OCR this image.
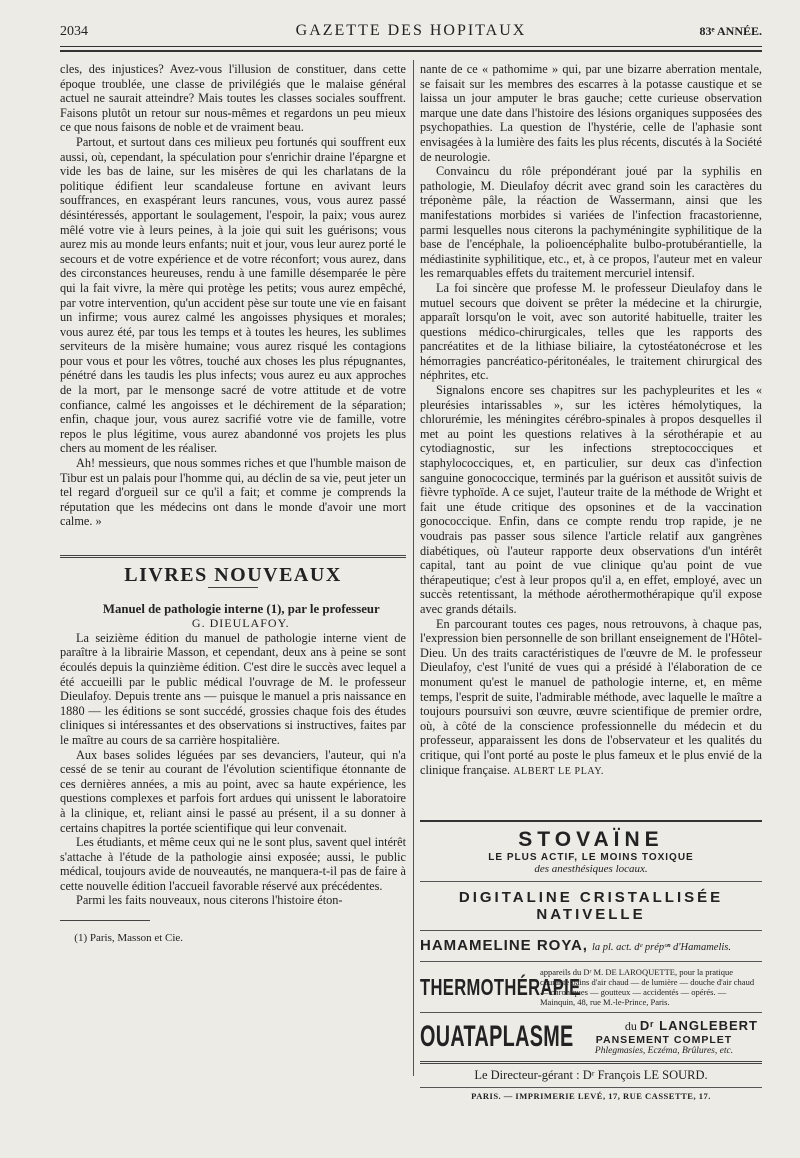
2034	GAZETTE DES HOPITAUX	83ᵉ ANNÉE.

cles, des injustices? Avez-vous l'illusion de constituer, dans cette époque troublée, une classe de privilégiés que le malaise général actuel ne saurait atteindre? Mais toutes les classes sociales souffrent. Faisons plutôt un retour sur nous-mêmes et regardons un peu mieux ce que nous faisons de noble et de vraiment beau.

Partout, et surtout dans ces milieux peu fortunés qui souffrent eux aussi, où, cependant, la spéculation pour s'enrichir draine l'épargne et vide les bas de laine, sur les misères de qui les charlatans de la politique édifient leur scandaleuse fortune en avivant leurs souffrances, en exaspérant leurs rancunes, vous, vous aurez passé désintéressés, apportant le soulagement, l'espoir, la paix; vous aurez mêlé votre vie à leurs peines, à la joie qui suit les guérisons; vous aurez mis au monde leurs enfants; nuit et jour, vous leur aurez porté le secours et de votre expérience et de votre réconfort; vous aurez, dans des circonstances heureuses, rendu à une famille désemparée le père qui la fait vivre, la mère qui protège les petits; vous aurez empêché, par votre intervention, qu'un accident pèse sur toute une vie en faisant un infirme; vous aurez calmé les angoisses physiques et morales; vous aurez été, par tous les temps et à toutes les heures, les sublimes serviteurs de la misère humaine; vous aurez risqué les contagions pour vous et pour les vôtres, touché aux choses les plus répugnantes, pénétré dans les taudis les plus infects; vous aurez eu aux approches de la mort, par le mensonge sacré de votre attitude et de votre confiance, calmé les angoisses et le déchirement de la séparation; enfin, chaque jour, vous aurez sacrifié votre vie de famille, votre repos le plus légitime, vous aurez abandonné vos projets les plus chers au moment de les réaliser.

Ah! messieurs, que nous sommes riches et que l'humble maison de Tibur est un palais pour l'homme qui, au déclin de sa vie, peut jeter un tel regard d'orgueil sur ce qu'il a fait; et comme je comprends la réputation que les médecins ont dans le monde d'avoir une mort calme. »

LIVRES NOUVEAUX

Manuel de pathologie interne (1), par le professeur

G. DIEULAFOY.

La seizième édition du manuel de pathologie interne vient de paraître à la librairie Masson, et cependant, deux ans à peine se sont écoulés depuis la quinzième édition. C'est dire le succès avec lequel a été accueilli par le public médical l'ouvrage de M. le professeur Dieulafoy. Depuis trente ans — puisque le manuel a pris naissance en 1880 — les éditions se sont succédé, grossies chaque fois des études cliniques si intéressantes et des observations si instructives, faites par le maître au cours de sa carrière hospitalière.

Aux bases solides léguées par ses devanciers, l'auteur, qui n'a cessé de se tenir au courant de l'évolution scientifique étonnante de ces dernières années, a mis au point, avec sa haute expérience, les questions complexes et parfois fort ardues qui unissent le laboratoire à la clinique, et, reliant ainsi le passé au présent, il a su donner à certains chapitres la portée scientifique qui leur convenait.

Les étudiants, et même ceux qui ne le sont plus, savent quel intérêt s'attache à l'étude de la pathologie ainsi exposée; aussi, le public médical, toujours avide de nouveautés, ne manquera-t-il pas de faire à cette nouvelle édition l'accueil favorable réservé aux précédentes.

Parmi les faits nouveaux, nous citerons l'histoire éton-

(1) Paris, Masson et Cie.

nante de ce « pathomime » qui, par une bizarre aberration mentale, se faisait sur les membres des escarres à la potasse caustique et se laissa un jour amputer le bras gauche; cette curieuse observation marque une date dans l'histoire des lésions organiques supposées des psychopathies. La question de l'hystérie, celle de l'aphasie sont envisagées à la lumière des faits les plus récents, discutés à la Société de neurologie.

Convaincu du rôle prépondérant joué par la syphilis en pathologie, M. Dieulafoy décrit avec grand soin les caractères du tréponème pâle, la réaction de Wassermann, ainsi que les manifestations morbides si variées de l'infection fracastorienne, parmi lesquelles nous citerons la pachyméningite syphilitique de la base de l'encéphale, la polioencéphalite bulbo-protubérantielle, la médiastinite syphilitique, etc., et, à ce propos, l'auteur met en valeur les remarquables effets du traitement mercuriel intensif.

La foi sincère que professe M. le professeur Dieulafoy dans le mutuel secours que doivent se prêter la médecine et la chirurgie, apparaît lorsqu'on le voit, avec son autorité habituelle, traiter les questions médico-chirurgicales, telles que les rapports des pancréatites et de la lithiase biliaire, la cytostéatonécrose et les hémorragies pancréatico-péritonéales, le traitement chirurgical des néphrites, etc.

Signalons encore ses chapitres sur les pachypleurites et les « pleurésies intarissables », sur les ictères hémolytiques, la chlorurémie, les méningites cérébro-spinales à propos desquelles il met au point les questions relatives à la sérothérapie et au cytodiagnostic, sur les infections streptococciques et staphylococciques, et, en particulier, sur deux cas d'infection sanguine gonococcique, terminés par la guérison et aussitôt suivis de fièvre typhoïde. A ce sujet, l'auteur traite de la méthode de Wright et fait une étude critique des opsonines et de la vaccination gonococcique. Enfin, dans ce compte rendu trop rapide, je ne voudrais pas passer sous silence l'article relatif aux gangrènes diabétiques, où l'auteur rapporte deux observations d'un intérêt capital, tant au point de vue clinique qu'au point de vue thérapeutique; c'est à leur propos qu'il a, en effet, employé, avec un succès retentissant, la méthode aérothermothérapique qu'il expose avec grands détails.

En parcourant toutes ces pages, nous retrouvons, à chaque pas, l'expression bien personnelle de son brillant enseignement de l'Hôtel-Dieu. Un des traits caractéristiques de l'œuvre de M. le professeur Dieulafoy, c'est l'unité de vues qui a présidé à l'élaboration de ce monument qu'est le manuel de pathologie interne, et, en même temps, l'esprit de suite, l'admirable méthode, avec laquelle le maître a toujours poursuivi son œuvre, œuvre scientifique de premier ordre, où, à côté de la conscience professionnelle du médecin et du professeur, apparaissent les dons de l'observateur et les qualités du critique, qui l'ont porté au poste le plus fameux et le plus envié de la clinique française. ALBERT LE PLAY.

STOVAÏNE
LE PLUS ACTIF, LE MOINS TOXIQUE
des anesthésiques locaux.
DIGITALINE CRISTALLISÉE NATIVELLE
HAMAMELINE ROYA, la pl. act. dᵉ prépᵒⁿ d'Hamamelis.
THERMOTHÉRAPIE
appareils du Dʳ M. DE LAROQUETTE, pour la pratique courante bains d'air chaud — de lumière — douche d'air chaud — chroniques — goutteux — accidentés — opérés. — Mainquin, 48, rue M.-le-Prince, Paris.
OUATAPLASME	du Dʳ LANGLEBERT
PANSEMENT COMPLET
Phlegmasies, Eczéma, Brûlures, etc.
Le Directeur-gérant : Dʳ François LE SOURD.
PARIS. — IMPRIMERIE LEVÉ, 17, RUE CASSETTE, 17.
